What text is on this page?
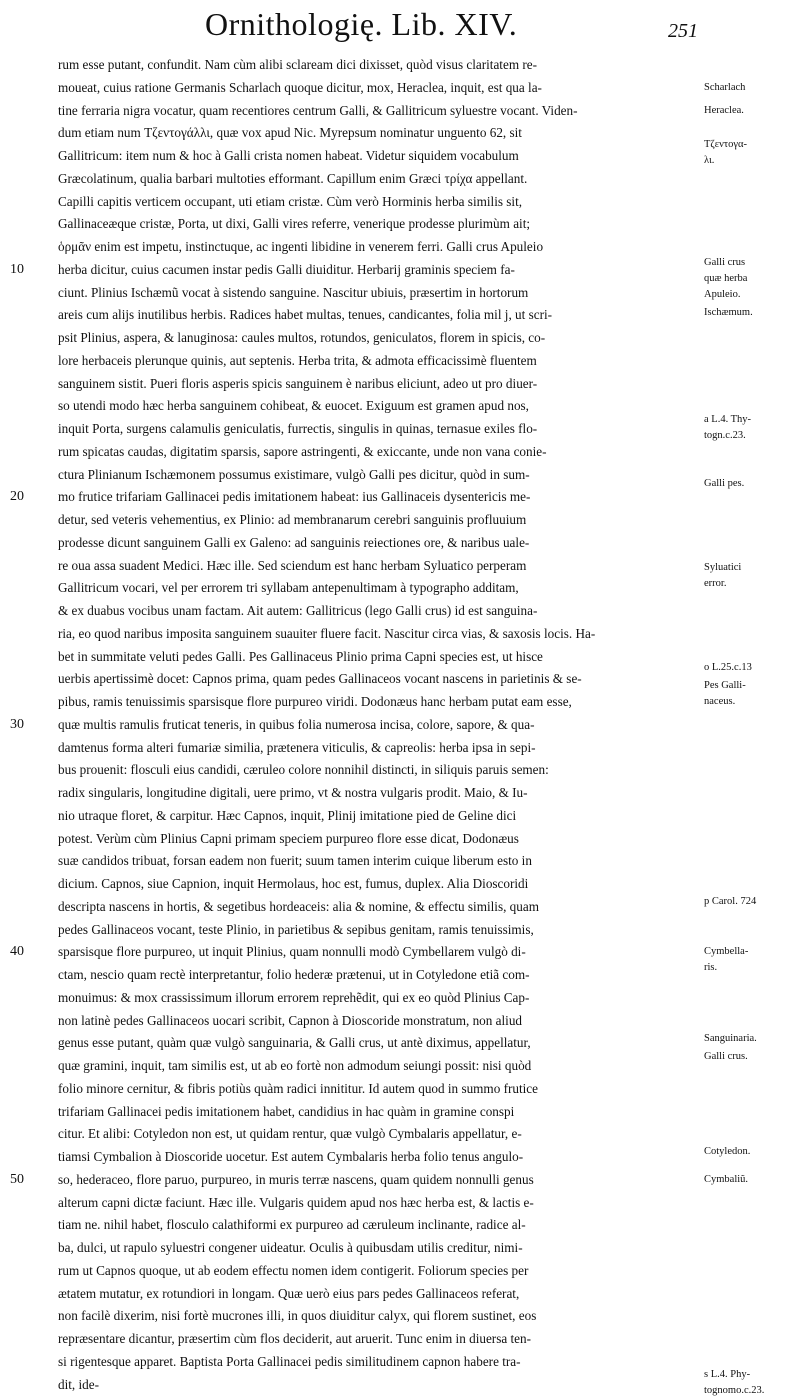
Ornithologię. Lib. XIV.	251
rum esse putant, confundit. Nam cùm alibi sclaream dici dixisset, quòd visus claritatem re-
moueat, cuius ratione Germanis Scharlach quoque dicitur, mox, Heraclea, inquit, est qua la-
tine ferraria nigra vocatur, quam recentiores centrum Galli, & Gallitricum syluestre vocant. Viden-
dum etiam num Τζεντογάλλι, quæ vox apud Nic. Myrepsum nominatur unguento 62, sit
Gallitricum: item num & hoc à Galli crista nomen habeat. Videtur siquidem vocabulum
Græcolatinum, qualia barbari multoties efformant. Capillum enim Græci τρίχα appellant.
Capilli capitis verticem occupant, uti etiam cristæ. Cùm verò Horminis herba similis sit,
Gallinaceæque cristæ, Porta, ut dixi, Galli vires referre, venerique prodesse plurimùm ait;
ὁρμᾶν enim est impetu, instinctuque, ac ingenti libidine in venerem ferri. Galli crus Apuleio
herba dicitur, cuius cacumen instar pedis Galli diuiditur. Herbarij graminis speciem fa-
ciunt. Plinius Ischæmũ vocat à sistendo sanguine. Nascitur ubiuis, præsertim in hortorum
areis cum alijs inutilibus herbis. Radices habet multas, tenues, candicantes, folia mil j, ut scri-
psit Plinius, aspera, & lanuginosa: caules multos, rotundos, geniculatos, florem in spicis, co-
lore herbaceis plerunque quinis, aut septenis. Herba trita, & admota efficacissimè fluentem
sanguinem sistit. Pueri floris asperis spicis sanguinem è naribus eliciunt, adeo ut pro diuer-
so utendi modo hæc herba sanguinem cohibeat, & euocet. Exiguum est gramen apud nos,
inquit Porta, surgens calamulis geniculatis, furrectis, singulis in quinas, ternasue exiles flo-
rum spicatas caudas, digitatim sparsis, sapore astringenti, & exiccante, unde non vana conie-
ctura Plinianum Ischæmonem possumus existimare, vulgò Galli pes dicitur, quòd in sum-
mo frutice trifariam Gallinacei pedis imitationem habeat: ius Gallinaceis dysentericis me-
detur, sed veteris vehementius, ex Plinio: ad membranarum cerebri sanguinis profluuium
prodesse dicunt sanguinem Galli ex Galeno: ad sanguinis reiectiones ore, & naribus uale-
re oua assa suadent Medici. Hæc ille. Sed sciendum est hanc herbam Syluatico perperam
Gallitricum vocari, vel per errorem tri syllabam antepenultimam à typographo additam,
& ex duabus vocibus unam factam. Ait autem: Gallitricus (lego Galli crus) id est sanguina-
ria, eo quod naribus imposita sanguinem suauiter fluere facit. Nascitur circa vias, & saxosis locis. Ha-
bet in summitate veluti pedes Galli. Pes Gallinaceus Plinio prima Capni species est, ut hisce
uerbis apertissimè docet: Capnos prima, quam pedes Gallinaceos vocant nascens in parietinis & se-
pibus, ramis tenuissimis sparsisque flore purpureo viridi. Dodonæus hanc herbam putat eam esse,
quæ multis ramulis fruticat teneris, in quibus folia numerosa incisa, colore, sapore, & qua-
damtenus forma alteri fumariæ similia, prætenera viticulis, & capreolis: herba ipsa in sepi-
bus prouenit: flosculi eius candidi, cæruleo colore nonnihil distincti, in siliquis paruis semen:
radix singularis, longitudine digitali, uere primo, vt & nostra vulgaris prodit. Maio, & Iu-
nio utraque floret, & carpitur. Hæc Capnos, inquit, Plinij imitatione pied de Geline dici
potest. Verùm cùm Plinius Capni primam speciem purpureo flore esse dicat, Dodonæus
suæ candidos tribuat, forsan eadem non fuerit; suum tamen interim cuique liberum esto in
dicium. Capnos, siue Capnion, inquit Hermolaus, hoc est, fumus, duplex. Alia Dioscoridi
descripta nascens in hortis, & segetibus hordeaceis: alia & nomine, & effectu similis, quam
pedes Gallinaceos vocant, teste Plinio, in parietibus & sepibus genitam, ramis tenuissimis,
sparsisque flore purpureo, ut inquit Plinius, quam nonnulli modò Cymbellarem vulgò di-
ctam, nescio quam rectè interpretantur, folio hederæ prætenui, ut in Cotyledone etiã com-
monuimus: & mox crassissimum illorum errorem reprehẽdit, qui ex eo quòd Plinius Cap-
non latinè pedes Gallinaceos uocari scribit, Capnon à Dioscoride monstratum, non aliud
genus esse putant, quàm quæ vulgò sanguinaria, & Galli crus, ut antè diximus, appellatur,
quæ gramini, inquit, tam similis est, ut ab eo fortè non admodum seiungi possit: nisi quòd
folio minore cernitur, & fibris potiùs quàm radici innititur. Id autem quod in summo frutice
trifariam Gallinacei pedis imitationem habet, candidius in hac quàm in gramine conspi
citur. Et alibi: Cotyledon non est, ut quidam rentur, quæ vulgò Cymbalaris appellatur, e-
tiamsi Cymbalion à Dioscoride uocetur. Est autem Cymbalaris herba folio tenus angulo-
so, hederaceo, flore paruo, purpureo, in muris terræ nascens, quam quidem nonnulli genus
alterum capni dictæ faciunt. Hæc ille. Vulgaris quidem apud nos hæc herba est, & lactis e-
tiam ne. nihil habet, flosculo calathiformi ex purpureo ad cæruleum inclinante, radice al-
ba, dulci, ut rapulo syluestri congener uideatur. Oculis à quibusdam utilis creditur, nimi-
rum ut Capnos quoque, ut ab eodem effectu nomen idem contigerit. Foliorum species per
ætatem mutatur, ex rotundiori in longam. Quæ uerò eius pars pedes Gallinaceos referat,
non facilè dixerim, nisi fortè mucrones illi, in quos diuiditur calyx, qui florem sustinet, eos
repræsentare dicantur, præsertim cùm flos deciderit, aut aruerit. Tunc enim in diuersa ten-
si rigentesque apparet. Baptista Porta Gallinacei pedis similitudinem capnon habere tra-
dit, ide-
10
20
30
40
50
Scharlach
Heraclea.
Τζεντογα-
λι.
Galli crus
quæ herba
Apuleio.
Ischæmum.
a L.4. Thy-
togn.c.23.
Galli pes.
Syluatici
error.
o L.25.c.13
Pes Galli-
naceus.
p Carol. 724
Cymbella-
ris.
Sanguinaria.
Galli crus.
Cotyledon.
Cymbaliũ.
s L.4. Phy-
tognomo.c.23.
